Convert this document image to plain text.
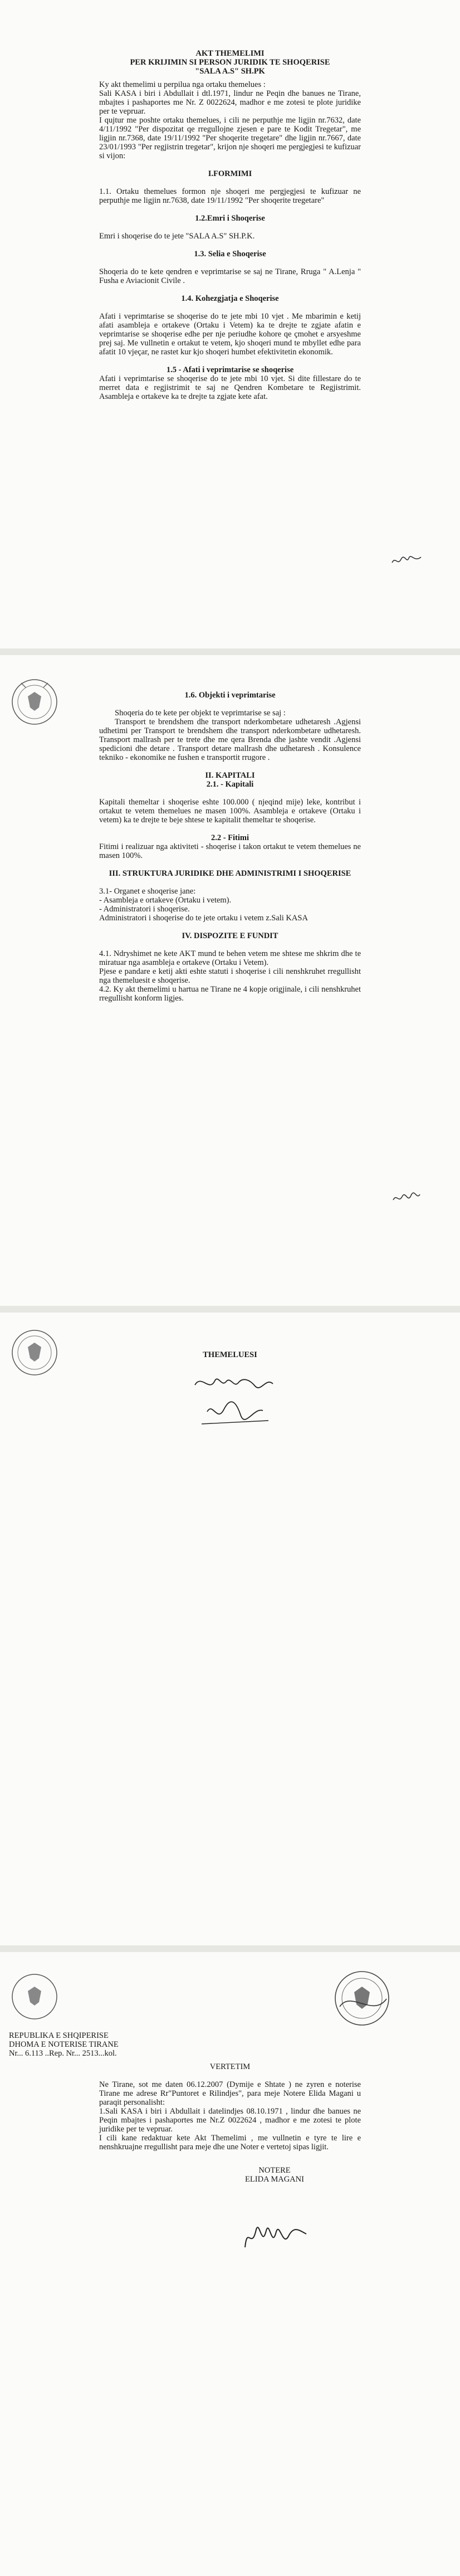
AKT THEMELIMI

PER KRIJIMIN SI PERSON JURIDIK TE SHOQERISE

"SALA A.S" SH.PK

Ky akt themelimi u perpilua nga ortaku themelues :

Sali KASA i biri i Abdullait i dtl.1971, lindur ne Peqin dhe banues ne Tirane, mbajtes i pashaportes me Nr. Z 0022624, madhor e me zotesi te plote juridike per te vepruar.

I qujtur me poshte ortaku themelues, i cili ne perputhje me ligjin nr.7632, date 4/11/1992 "Per dispozitat qe rregullojne zjesen e pare te Kodit Tregetar", me ligjin nr.7368, date 19/11/1992 "Per shoqerite tregetare" dhe ligjin nr.7667, date 23/01/1993 "Per regjistrin tregetar", krijon nje shoqeri me pergjegjesi te kufizuar si vijon:

I.FORMIMI

1.1. Ortaku themelues formon nje shoqeri me pergjegjesi te kufizuar ne perputhje me ligjin nr.7638, date 19/11/1992 "Per shoqerite tregetare"

1.2.Emri i Shoqerise

Emri i shoqerise do te jete "SALA A.S" SH.P.K.

1.3. Selia e Shoqerise

Shoqeria do te kete qendren e veprimtarise se saj ne Tirane, Rruga " A.Lenja " Fusha e Aviacionit Civile .

1.4. Kohezgjatja e Shoqerise

Afati i veprimtarise se shoqerise do te jete mbi 10 vjet . Me mbarimin e ketij afati asambleja e ortakeve (Ortaku i Vetem) ka te drejte te zgjate afatin e veprimtarise se shoqerise edhe per nje periudhe kohore qe çmohet e arsyeshme prej saj. Me vullnetin e ortakut te vetem, kjo shoqeri mund te mbyllet edhe para afatit 10 vjeçar, ne rastet kur kjo shoqeri humbet efektivitetin ekonomik.

1.5 - Afati i veprimtarise se shoqerise

Afati i veprimtarise se shoqerise do te jete mbi 10 vjet. Si dite fillestare do te merret data e regjistrimit te saj ne Qendren Kombetare te Regjistrimit. Asambleja e ortakeve ka te drejte ta zgjate kete afat.

1.6. Objekti i veprimtarise

Shoqeria do te kete per objekt te veprimtarise se saj :

Transport te brendshem dhe transport nderkombetare udhetaresh .Agjensi udhetimi per Transport te brendshem dhe transport nderkombetare udhetaresh. Transport mallrash per te trete dhe me qera Brenda dhe jashte vendit .Agjensi spedicioni dhe detare . Transport detare mallrash dhe udhetaresh . Konsulence tekniko - ekonomike ne fushen e transportit rrugore .

II. KAPITALI

2.1. - Kapitali

Kapitali themeltar i shoqerise eshte 100.000 ( njeqind mije) leke, kontribut i ortakut te vetem themelues ne masen 100%. Asambleja e ortakeve (Ortaku i vetem) ka te drejte te beje shtese te kapitalit themeltar te shoqerise.

2.2 - Fitimi

Fitimi i realizuar nga aktiviteti - shoqerise i takon ortakut te vetem themelues ne masen 100%.

III. STRUKTURA JURIDIKE DHE ADMINISTRIMI I SHOQERISE

3.1- Organet e shoqerise jane:

- Asambleja e ortakeve (Ortaku i vetem).

- Administratori i shoqerise.

Administratori i shoqerise do te jete ortaku i vetem z.Sali KASA

IV. DISPOZITE E FUNDIT

4.1. Ndryshimet ne kete AKT mund te behen vetem me shtese me shkrim dhe te miratuar nga asambleja e ortakeve (Ortaku i Vetem).

Pjese e pandare e ketij akti eshte statuti i shoqerise i cili nenshkruhet rregullisht nga themeluesit e shoqerise.

4.2. Ky akt themelimi u hartua ne Tirane ne 4 kopje origjinale, i cili nenshkruhet rregullisht konform ligjes.

THEMELUESI

REPUBLIKA E SHQIPERISE

DHOMA E NOTERISE TIRANE

Nr... 6.113 ..Rep. Nr... 2513...kol.

VERTETIM

Ne Tirane, sot me daten 06.12.2007 (Dymije e Shtate ) ne zyren e noterise Tirane me adrese Rr"Puntoret e Rilindjes", para meje Notere Elida Magani u paraqit personalisht:

1.Sali KASA i biri i Abdullait i datelindjes 08.10.1971 , lindur dhe banues ne Peqin mbajtes i pashaportes me Nr.Z 0022624 , madhor e me zotesi te plote juridike per te vepruar.

I cili kane redaktuar kete Akt Themelimi , me vullnetin e tyre te lire e nenshkruajne rregullisht para meje dhe une Noter e vertetoj sipas ligjit.

NOTERE

ELIDA MAGANI
